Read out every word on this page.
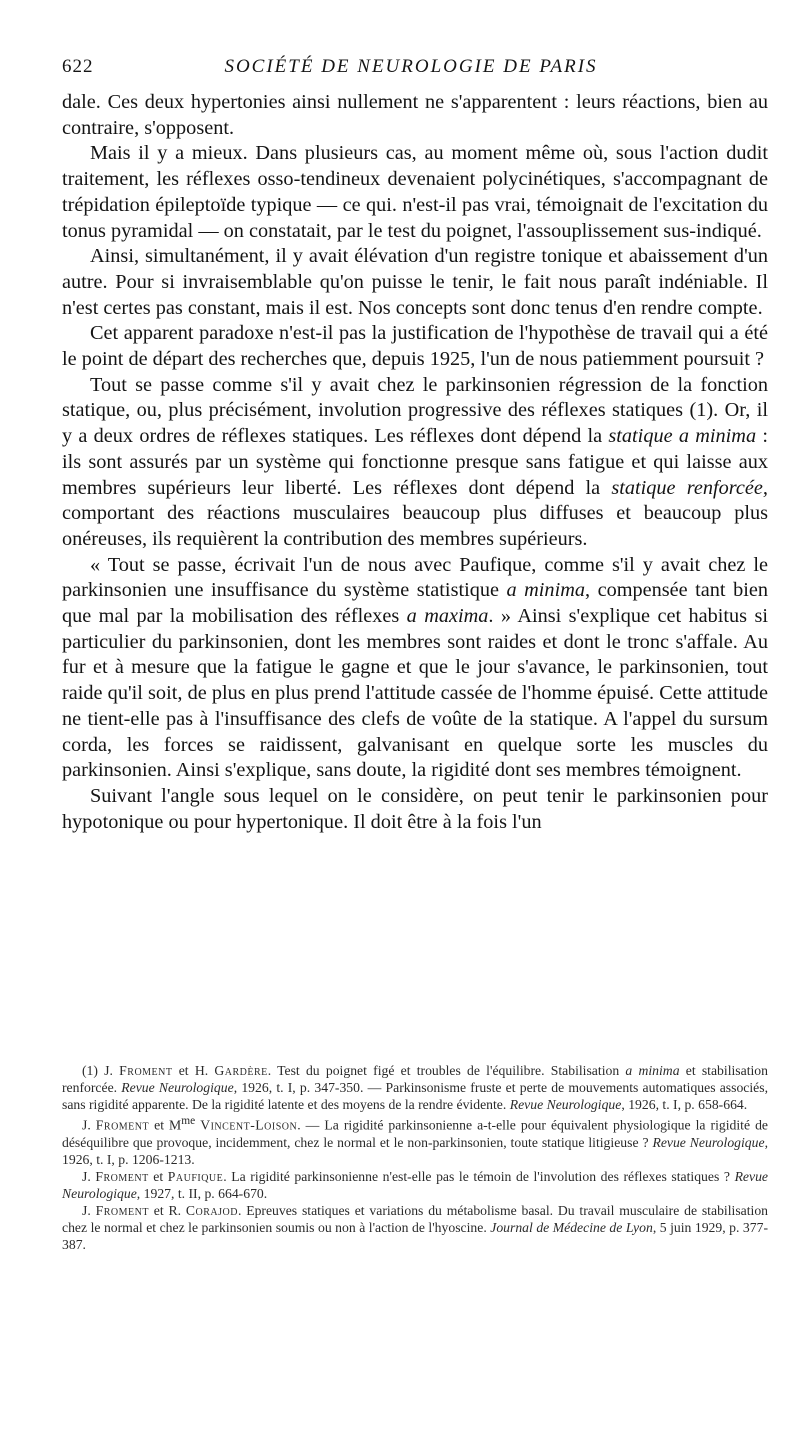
622	SOCIÉTÉ DE NEUROLOGIE DE PARIS

dale. Ces deux hypertonies ainsi nullement ne s'apparentent : leurs réactions, bien au contraire, s'opposent.

Mais il y a mieux. Dans plusieurs cas, au moment même où, sous l'action dudit traitement, les réflexes osso-tendineux devenaient polycinétiques, s'accompagnant de trépidation épileptoïde typique — ce qui. n'est-il pas vrai, témoignait de l'excitation du tonus pyramidal — on constatait, par le test du poignet, l'assouplissement sus-indiqué.

Ainsi, simultanément, il y avait élévation d'un registre tonique et abaissement d'un autre. Pour si invraisemblable qu'on puisse le tenir, le fait nous paraît indéniable. Il n'est certes pas constant, mais il est. Nos concepts sont donc tenus d'en rendre compte.

Cet apparent paradoxe n'est-il pas la justification de l'hypothèse de travail qui a été le point de départ des recherches que, depuis 1925, l'un de nous patiemment poursuit ?

Tout se passe comme s'il y avait chez le parkinsonien régression de la fonction statique, ou, plus précisément, involution progressive des réflexes statiques (1). Or, il y a deux ordres de réflexes statiques. Les réflexes dont dépend la statique a minima : ils sont assurés par un système qui fonctionne presque sans fatigue et qui laisse aux membres supérieurs leur liberté. Les réflexes dont dépend la statique renforcée, comportant des réactions musculaires beaucoup plus diffuses et beaucoup plus onéreuses, ils requièrent la contribution des membres supérieurs.

« Tout se passe, écrivait l'un de nous avec Paufique, comme s'il y avait chez le parkinsonien une insuffisance du système statistique a minima, compensée tant bien que mal par la mobilisation des réflexes a maxima. » Ainsi s'explique cet habitus si particulier du parkinsonien, dont les membres sont raides et dont le tronc s'affale. Au fur et à mesure que la fatigue le gagne et que le jour s'avance, le parkinsonien, tout raide qu'il soit, de plus en plus prend l'attitude cassée de l'homme épuisé. Cette attitude ne tient-elle pas à l'insuffisance des clefs de voûte de la statique. A l'appel du sursum corda, les forces se raidissent, galvanisant en quelque sorte les muscles du parkinsonien. Ainsi s'explique, sans doute, la rigidité dont ses membres témoignent.

Suivant l'angle sous lequel on le considère, on peut tenir le parkinsonien pour hypotonique ou pour hypertonique. Il doit être à la fois l'un

(1) J. Froment et H. Gardère. Test du poignet figé et troubles de l'équilibre. Stabilisation a minima et stabilisation renforcée. Revue Neurologique, 1926, t. I, p. 347-350. — Parkinsonisme fruste et perte de mouvements automatiques associés, sans rigidité apparente. De la rigidité latente et des moyens de la rendre évidente. Revue Neurologique, 1926, t. I, p. 658-664.

J. Froment et $M^{me}$ Vincent-Loison. — La rigidité parkinsonienne a-t-elle pour équivalent physiologique la rigidité de déséquilibre que provoque, incidemment, chez le normal et le non-parkinsonien, toute statique litigieuse ? Revue Neurologique, 1926, t. I, p. 1206-1213.

J. Froment et Paufique. La rigidité parkinsonienne n'est-elle pas le témoin de l'involution des réflexes statiques ? Revue Neurologique, 1927, t. II, p. 664-670.

J. Froment et R. Corajod. Epreuves statiques et variations du métabolisme basal. Du travail musculaire de stabilisation chez le normal et chez le parkinsonien soumis ou non à l'action de l'hyoscine. Journal de Médecine de Lyon, 5 juin 1929, p. 377-387.
